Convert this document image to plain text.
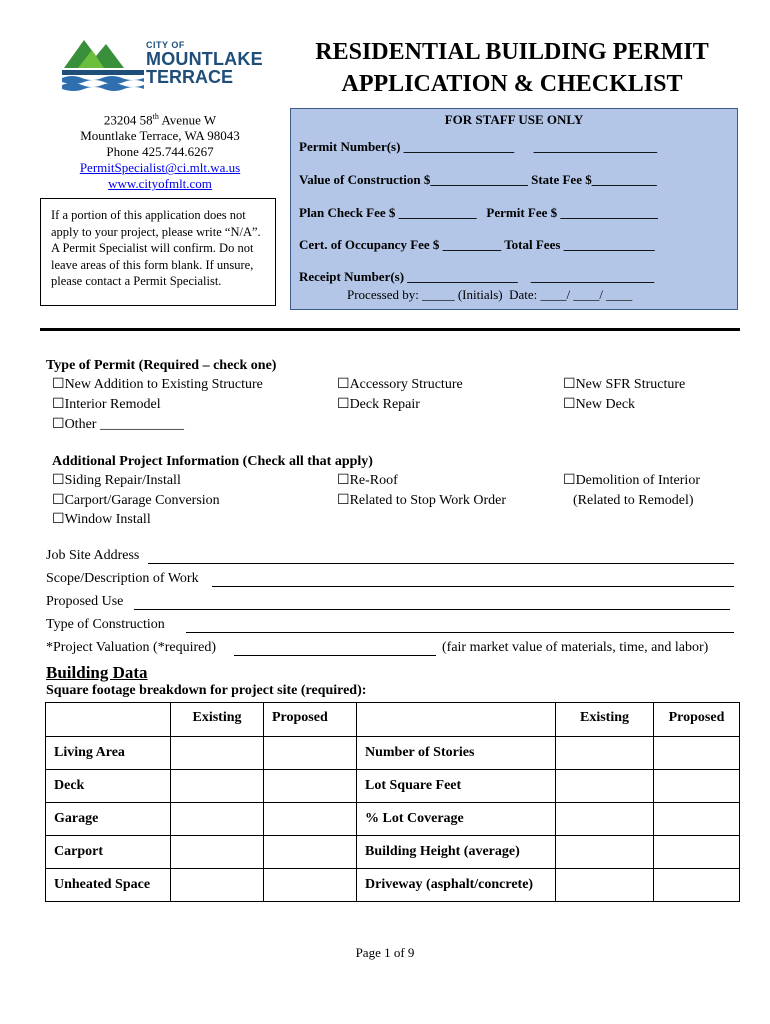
CITY OF
MOUNTLAKE
TERRACE
RESIDENTIAL BUILDING PERMIT
APPLICATION & CHECKLIST
23204 58th Avenue W
Mountlake Terrace, WA 98043
Phone 425.744.6267
PermitSpecialist@ci.mlt.wa.us
www.cityofmlt.com
If a portion of this application does not apply to your project, please write “N/A”. A Permit Specialist will confirm. Do not leave areas of this form blank. If unsure, please contact a Permit Specialist.
FOR STAFF USE ONLY
Permit Number(s) _________________      ___________________
Value of Construction $_______________ State Fee $__________
Plan Check Fee $ ____________   Permit Fee $ _______________
Cert. of Occupancy Fee $ _________ Total Fees ______________
Receipt Number(s) _________________    ___________________
Processed by: _____ (Initials)  Date: ____/ ____/ ____
Type of Permit (Required – check one)
☐New Addition to Existing Structure
☐Interior Remodel
☐Other ____________
☐Accessory Structure
☐Deck Repair
☐New SFR Structure
☐New Deck
Additional Project Information (Check all that apply)
☐Siding Repair/Install
☐Carport/Garage Conversion
☐Window Install
☐Re-Roof
☐Related to Stop Work Order
☐Demolition of Interior
(Related to Remodel)
Job Site Address
Scope/Description of Work
Proposed Use
Type of Construction
*Project Valuation (*required)	(fair market value of materials, time, and labor)
Building Data
Square footage breakdown for project site (required):
	Existing	Proposed		Existing	Proposed
Living Area			Number of Stories		
Deck			Lot Square Feet		
Garage			% Lot Coverage		
Carport			Building Height (average)		
Unheated Space			Driveway (asphalt/concrete)		
Page 1 of 9
